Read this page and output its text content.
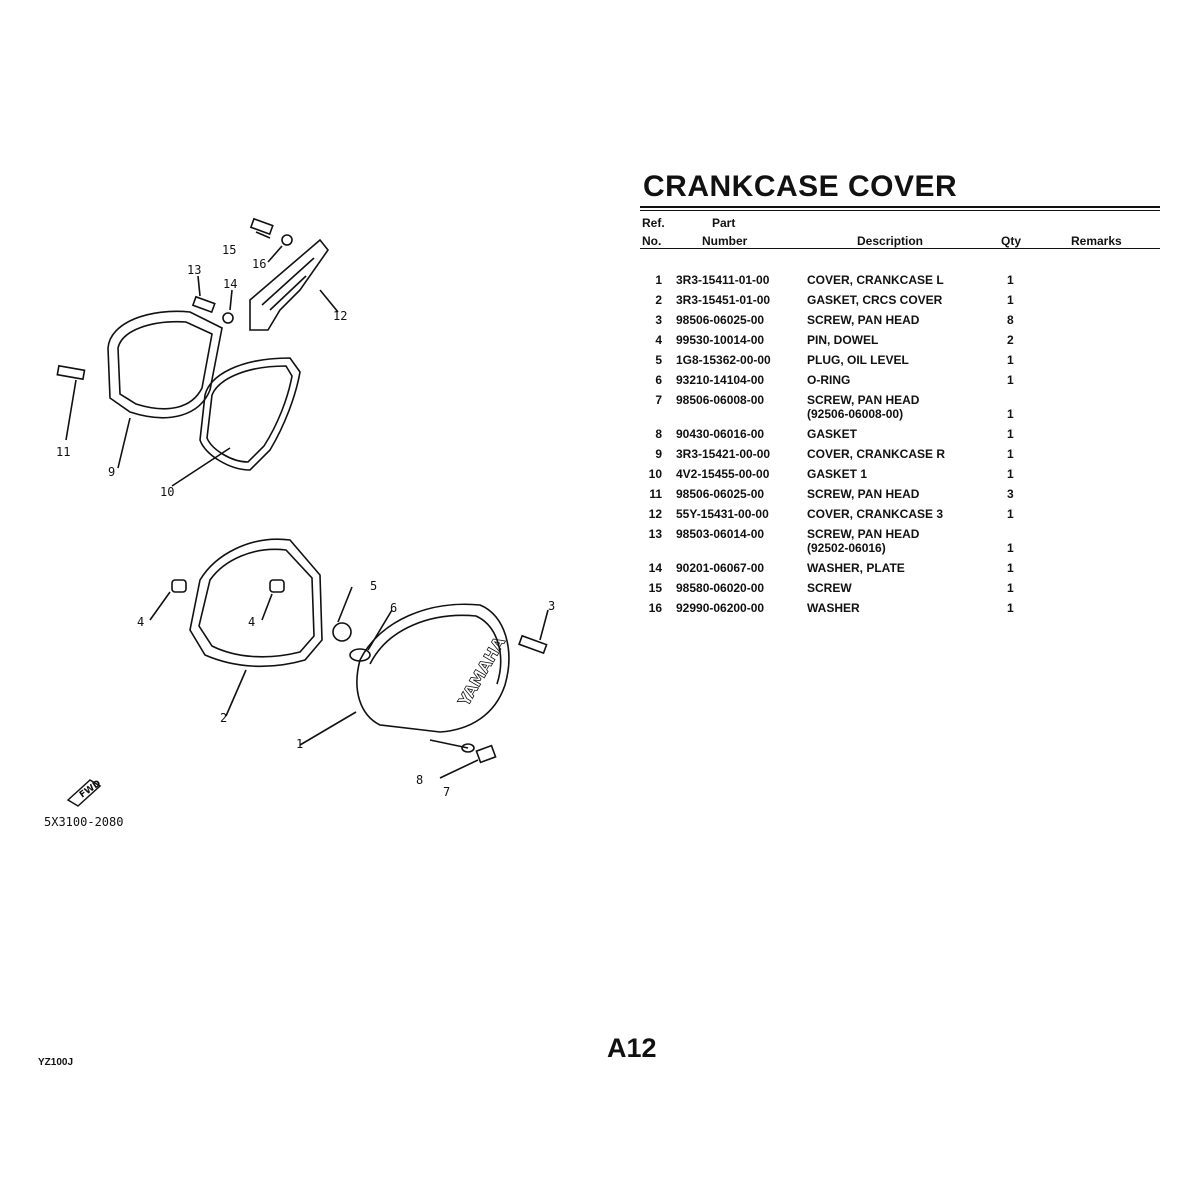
YAMAHA
FWD
5X3100-2080
15
16
13
14
12
11
9
10
5
6	3
4	4
2
1
8
7
CRANKCASE COVER
Ref.
No.
Part
Number	Description	Qty	Remarks
1 3R3-15411-01-00	COVER, CRANKCASE L	1
2 3R3-15451-01-00	GASKET, CRCS COVER	1
3 98506-06025-00	SCREW, PAN HEAD	8
4 99530-10014-00	PIN, DOWEL	2
5 1G8-15362-00-00	PLUG, OIL LEVEL	1
6 93210-14104-00	O-RING	1
7 98506-06008-00	SCREW, PAN HEAD
(92506-06008-00)	1
8 90430-06016-00	GASKET	1
9 3R3-15421-00-00	COVER, CRANKCASE R	1
10 4V2-15455-00-00	GASKET 1	1
11 98506-06025-00	SCREW, PAN HEAD	3
12 55Y-15431-00-00	COVER, CRANKCASE 3	1
13 98503-06014-00	SCREW, PAN HEAD
(92502-06016)	1
14 90201-06067-00	WASHER, PLATE	1
15 98580-06020-00	SCREW	1
16 92990-06200-00	WASHER	1
A12
YZ100J
